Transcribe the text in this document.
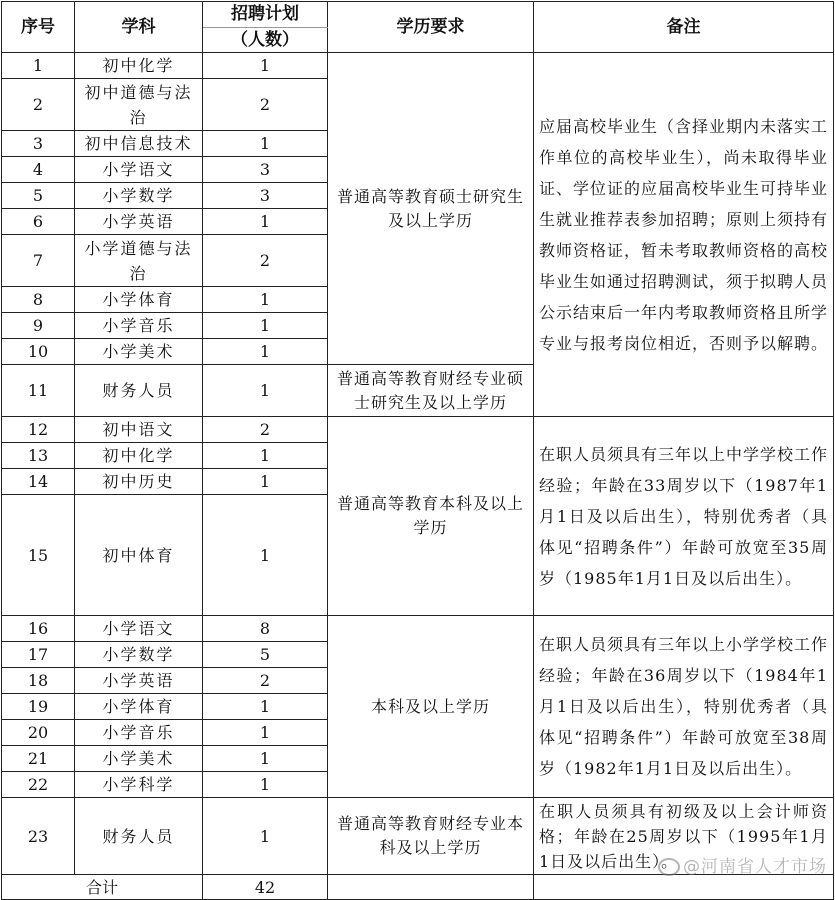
序号	学科	招聘计划	学历要求	备注
		（人数）		
1	初中化学	1	普通高等教育硕士研究生及以上学历	应届高校毕业生（含择业期内未落实工作单位的高校毕业生），尚未取得毕业证、学位证的应届高校毕业生可持毕业生就业推荐表参加招聘；原则上须持有教师资格证，暂未考取教师资格的高校毕业生如通过招聘测试，须于拟聘人员公示结束后一年内考取教师资格且所学专业与报考岗位相近，否则予以解聘。
2	初中道德与法治	2		
3	初中信息技术	1		
4	小学语文	3		
5	小学数学	3		
6	小学英语	1		
7	小学道德与法治	2		
8	小学体育	1		
9	小学音乐	1		
10	小学美术	1		
11	财务人员	1	普通高等教育财经专业硕士研究生及以上学历	
12	初中语文	2	普通高等教育本科及以上学历	在职人员须具有三年以上中学学校工作经验；年龄在33周岁以下（1987年1月1日及以后出生），特别优秀者（具体见“招聘条件”）年龄可放宽至35周岁（1985年1月1日及以后出生）。
13	初中化学	1		
14	初中历史	1		
15	初中体育	1		
16	小学语文	8	本科及以上学历	在职人员须具有三年以上小学学校工作经验；年龄在36周岁以下（1984年1月1日及以后出生），特别优秀者（具体见“招聘条件”）年龄可放宽至38周岁（1982年1月1日及以后出生）。
17	小学数学	5		
18	小学英语	2		
19	小学体育	1		
20	小学音乐	1		
21	小学美术	1		
22	小学科学	1		
23	财务人员	1	普通高等教育财经专业本科及以上学历	在职人员须具有初级及以上会计师资格；年龄在25周岁以下（1995年1月1日及以后出生）。
合计		42		
@河南省人才市场
